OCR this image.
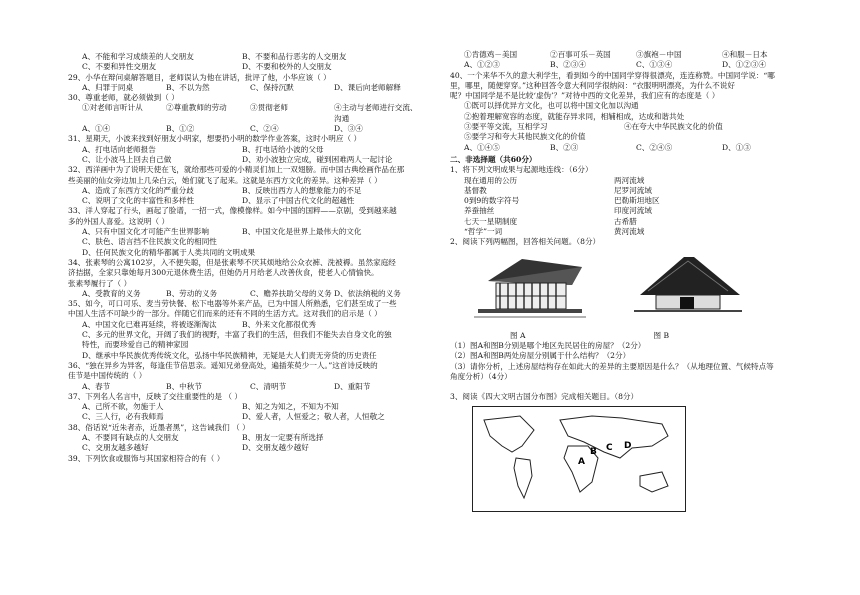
A、不能和学习成绩差的人交朋友	B、不要和品行恶劣的人交朋友
C、不要和异性交朋友	D、不要和校外的人交朋友
29、小华在辩问桌解答题目，老师误认为他在讲话，批评了他，小华应该（ ）
A、归罪于同桌	B、不以为然	C、保持沉默	D、课后向老师解释
30、尊重老师，就必须做到（ ）
①对老师言听计从	②尊重教师的劳动	③贯彻老师	④主动与老师进行交流、沟通
A、①④	B、①②	C、②④	D、③④
31、星期天，小波来找到好朋友小明家，想要扔小明的数学作业答案，这时小明应（ ）
A、打电话向老师报告	B、打电话给小波的父母
C、让小波马上回去自己做	D、劝小波独立完成，碰到困难两人一起讨论
32、西洋画中为了说明天使在飞，就给那些可爱的小精灵们加上一双翅膀。而中国古典绘画作品在那
些美丽的仙女旁边加上几朵白云，她们就飞了起来。这就是东西方文化的差异。这种差异（ ）
A、造成了东西方文化的严重分歧	B、反映出西方人的想象能力的不足
C、说明了文化的丰富性和多样性	D、显示了中国古代文化的超越性
33、洋人穿起了行头，画起了脸谱，一招一式，像模像样。如今中国的国粹——京剧，受到越来越
多的外国人喜爱。这说明（ ）
A、只有中国文化才可能产生世界影响	B、中国文化是世界上最伟大的文化
C、肤色、语言挡不住民族文化的相同性
D、任何民族文化的精华都属于人类共同的文明成果
34、张素琴的公寓102岁，入不便失聪，但是张素琴不厌其烦地给公众衣裤、洗被褥。虽然家庭经
济拮据，全家只靠她每月300元退休费生活，但她仍月月给老人改善伙食，使老人心情愉快。
张素琴履行了（ ）
A、受教育的义务	B、劳动的义务	C、赡养扶助父母的义务 D、依法纳税的义务
35、如今，可口可乐、麦当劳快餐、松下电器等外来产品，已为中国人所熟悉，它们甚至成了一些
中国人生活不可缺少的一部分。伴随它们而来的还有不同的生活方式。这对我们的启示是（ ）
A、中国文化已难再延续，将被逐渐淘汰	B、外来文化都很优秀
C、多元的世界文化，开阔了我们的视野，丰富了我们的生活，但我们不能失去自身文化的独
特性，而要珍爱自己的精神家园
D、继承中华民族优秀传统文化，弘扬中华民族精神，无疑是大人们责无旁贷的历史责任
36、“独在异乡为异客，每逢佳节倍思亲。遥知兄弟登高处，遍插茱萸少一人。”这首诗反映的
佳节是中国传统的（ ）
A、春节	B、中秋节	C、清明节	D、重阳节
37、下列名人名言中，反映了交往重要性的是 （ ）
A、己所不欲，勿施于人	B、知之为知之，不知为不知
C、三人行，必有我师焉	D、爱人者，人恒爱之；敬人者，人恒敬之
38、俗话说“近朱者赤，近墨者黑”，这告诫我们 （ ）
A、不要同有缺点的人交朋友	B、朋友一定要有所选择
C、交朋友越多越好	D、交朋友越少越好
39、下列饮食或服饰与其国家相符合的有（ ）
①肯德鸡－美国	②百事可乐－英国	③旗袍－中国	④和服－日本
A、①②③	B、②③④	C、①③④	D、①②③④
40、一个来华不久的意大利学生，看到如今的中国同学穿得很漂亮，连连称赞。中国同学说：“哪
里，哪里，随便穿穿。”这种回答令意大利同学很纳闷：“衣服明明漂亮，为什么不说好
呢？中国同学是不是比较‘虚伪’？”对待中西的文化差异，我们应有的态度是（ ）
①既可以择优异方文化，也可以将中国文化加以沟通
②抱着理解宽容的态度，就能存异求同，相辅相成，达成和谐共处
③要平等交流，互相学习	④在夸大中华民族文化的价值
⑤要学习和夸大其他民族文化的价值
A、①④⑤	B、②③	C、②④⑤	D、①③
二、非选择题（共60分）
1、将下列文明成果与起源地连线：（6分）
现在通用的公历	两河流域
基督教	尼罗河流域
0到9的数字符号	巴勒斯坦地区
养蚕抽丝	印度河流域
七天一星期制度	古希腊
“哲学”一词	黄河流域
2、阅读下列两幅图，回答相关问题。（8分）
图 A	图 B
（1）图A和图B分别是哪个地区先民居住的房屋？（2分）
（2）图A和图B两处房屋分别属于什么结构？（2分）
（3）请你分析，上述房屋结构存在如此大的差异的主要原因是什么？（从地理位置、气候特点等
角度分析）（4分）
3、阅读《四大文明古国分布图》完成相关题目。（8分）
A
B C D
